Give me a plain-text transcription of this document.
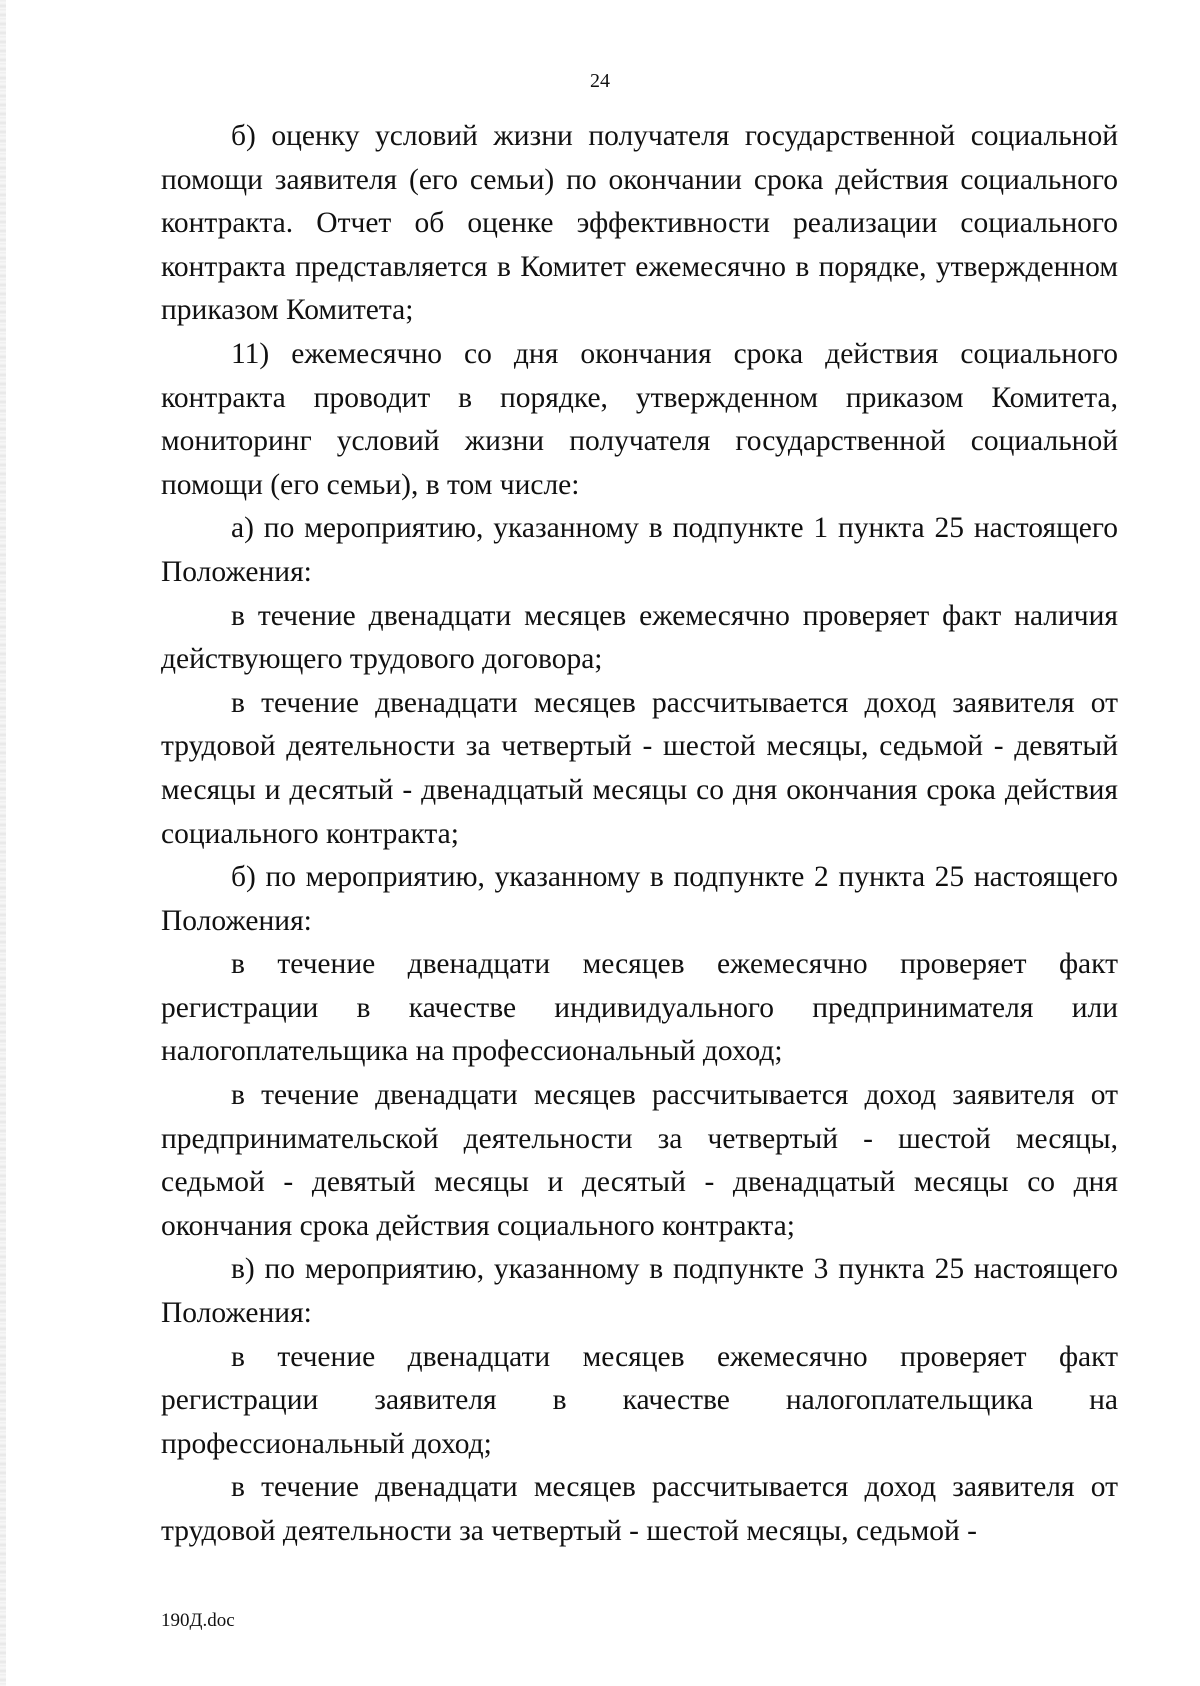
24

б) оценку условий жизни получателя государственной социальной помощи заявителя (его семьи) по окончании срока действия социального контракта. Отчет об оценке эффективности реализации социального контракта представляется в Комитет ежемесячно в порядке, утвержденном приказом Комитета;

11) ежемесячно со дня окончания срока действия социального контракта проводит в порядке, утвержденном приказом Комитета, мониторинг условий жизни получателя государственной социальной помощи (его семьи), в том числе:

а) по мероприятию, указанному в подпункте 1 пункта 25 настоящего Положения:

в течение двенадцати месяцев ежемесячно проверяет факт наличия действующего трудового договора;

в течение двенадцати месяцев рассчитывается доход заявителя от трудовой деятельности за четвертый - шестой месяцы, седьмой - девятый месяцы и десятый - двенадцатый месяцы со дня окончания срока действия социального контракта;

б) по мероприятию, указанному в подпункте 2 пункта 25 настоящего Положения:

в течение двенадцати месяцев ежемесячно проверяет факт регистрации в качестве индивидуального предпринимателя или налогоплательщика на профессиональный доход;

в течение двенадцати месяцев рассчитывается доход заявителя от предпринимательской деятельности за четвертый - шестой месяцы, седьмой - девятый месяцы и десятый - двенадцатый месяцы со дня окончания срока действия социального контракта;

в) по мероприятию, указанному в подпункте 3 пункта 25 настоящего Положения:

в течение двенадцати месяцев ежемесячно проверяет факт регистрации заявителя в качестве налогоплательщика на профессиональный доход;

в течение двенадцати месяцев рассчитывается доход заявителя от трудовой деятельности за четвертый - шестой месяцы, седьмой -

190Д.doc
